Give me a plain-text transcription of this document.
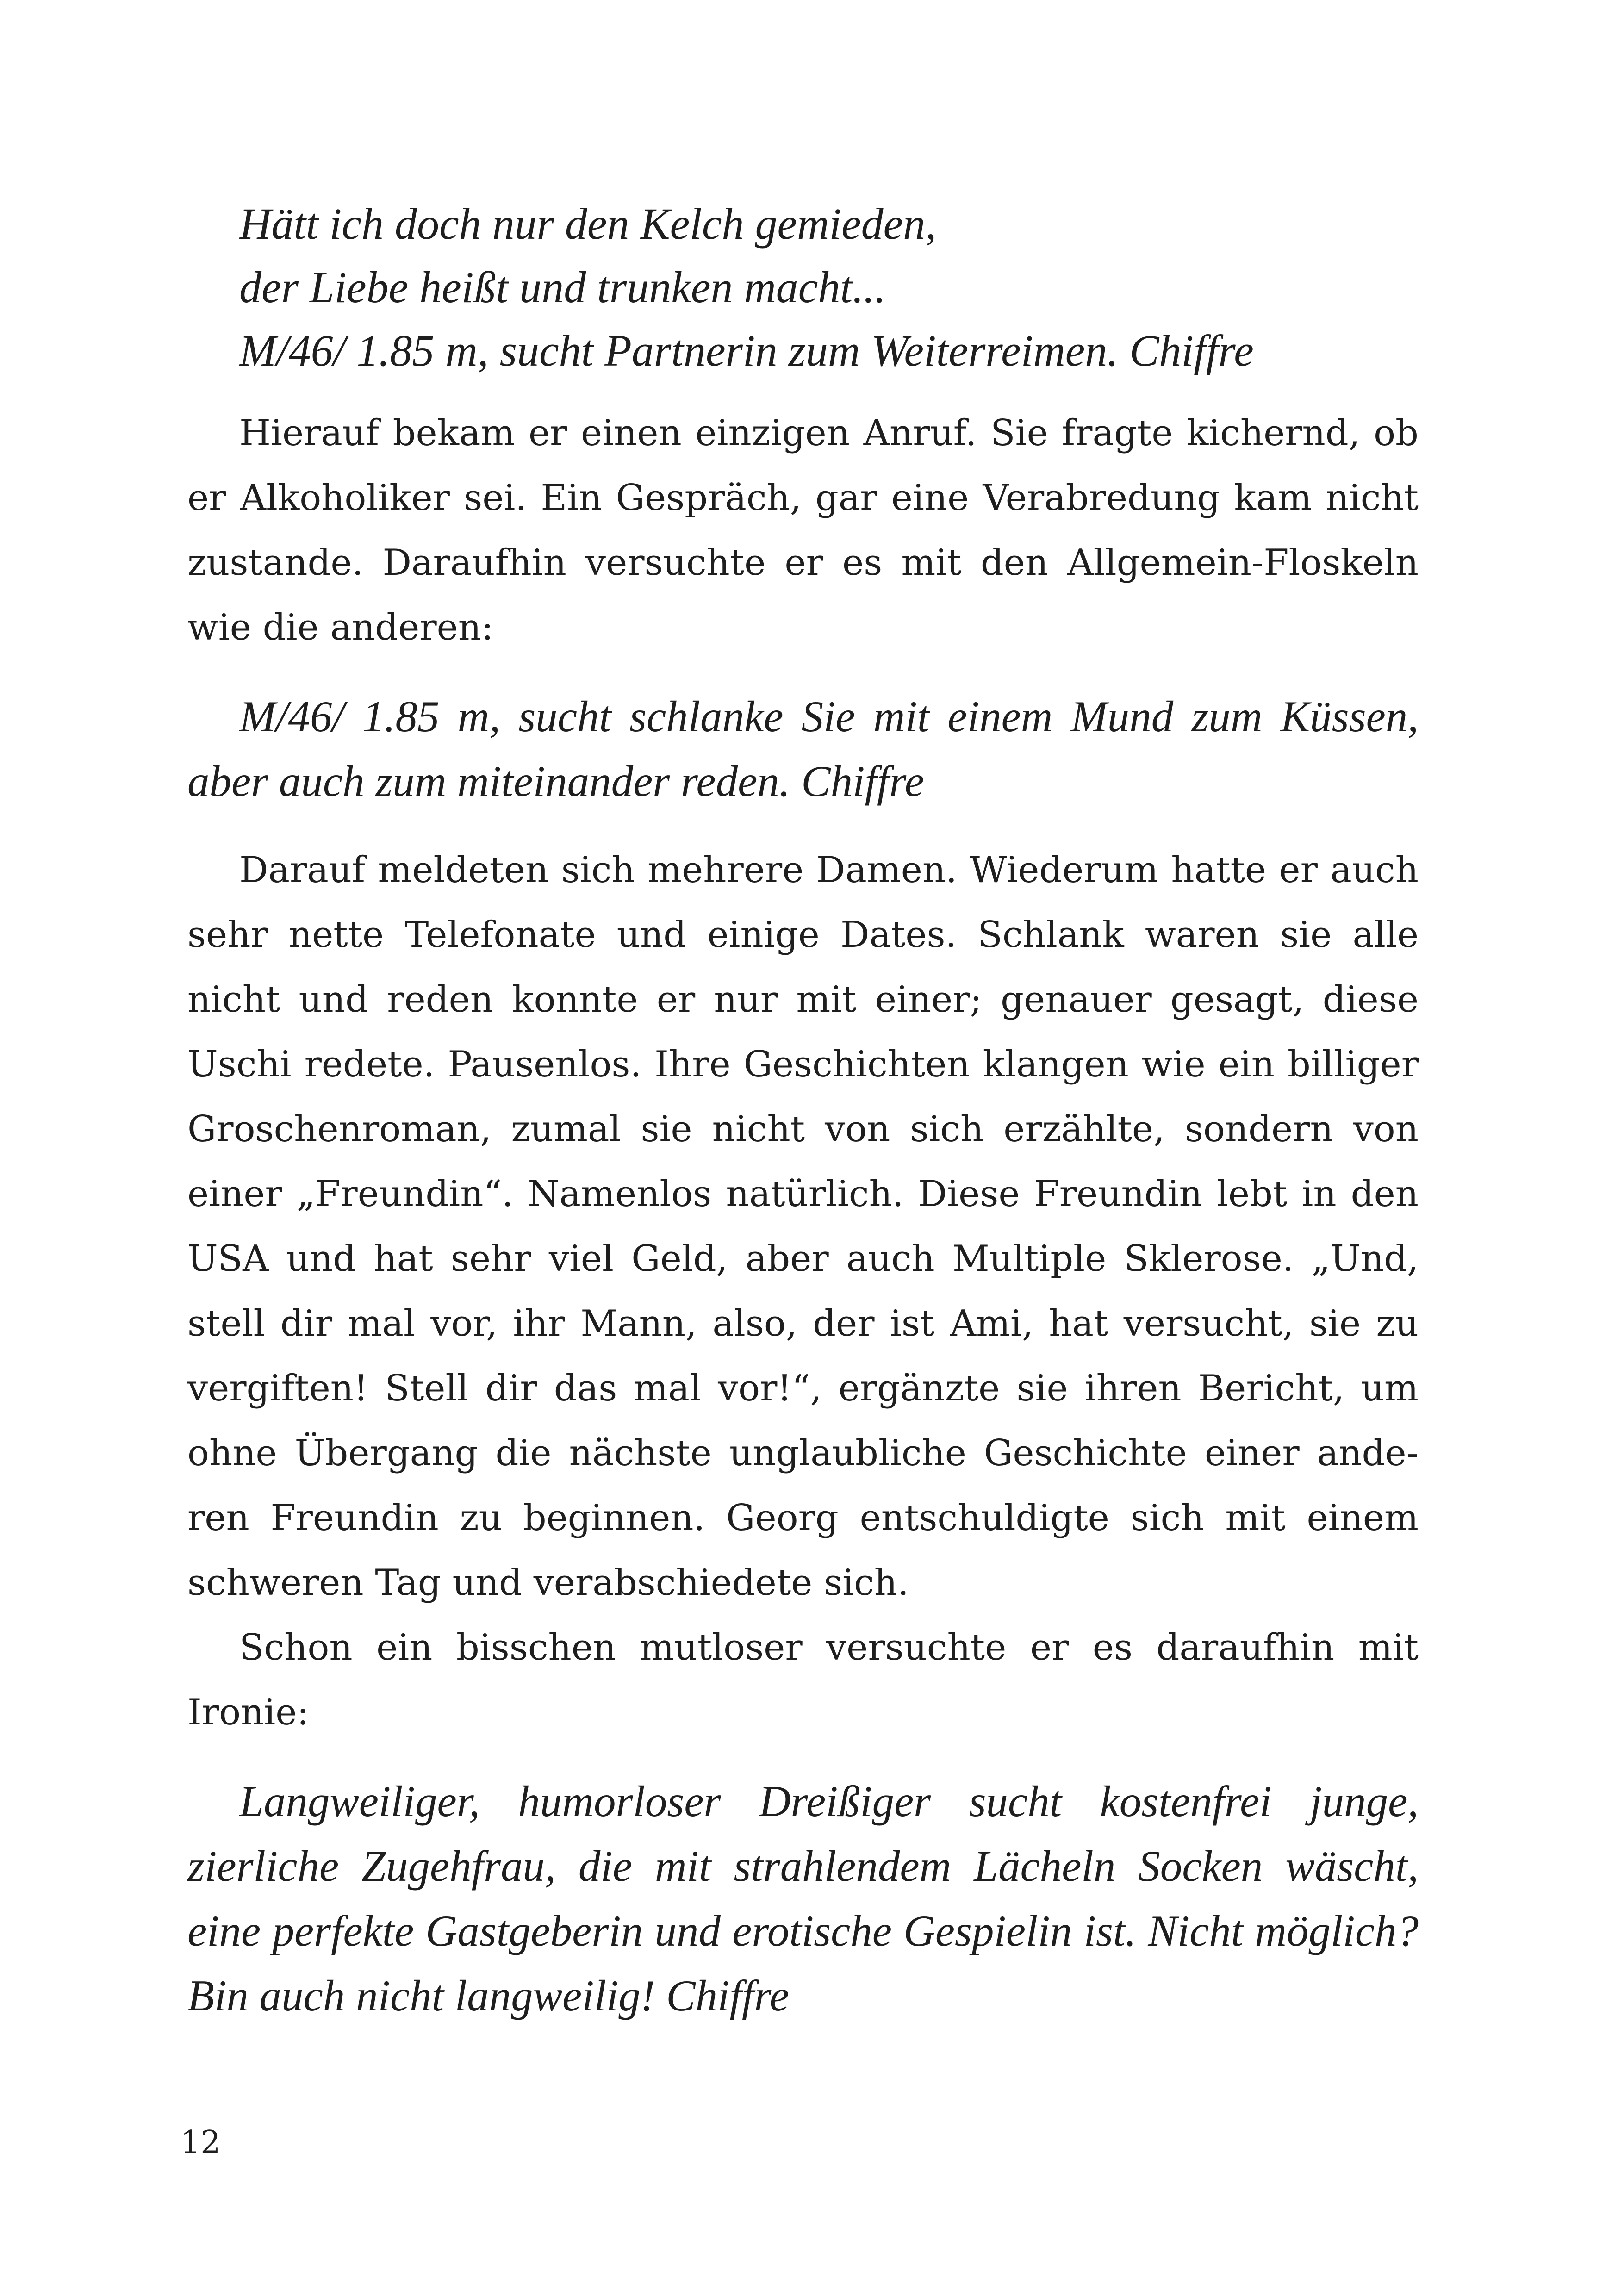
Hätt ich doch nur den Kelch gemieden,
der Liebe heißt und trunken macht...
M/46/ 1.85 m, sucht Partnerin zum Weiterreimen. Chiffre

Hierauf bekam er einen einzigen Anruf. Sie fragte kichernd, ob er Alkoholiker sei. Ein Gespräch, gar eine Verabredung kam nicht zustande. Daraufhin versuchte er es mit den Allgemein-Floskeln wie die anderen:

M/46/ 1.85 m, sucht schlanke Sie mit einem Mund zum Küssen, aber auch zum miteinander reden. Chiffre

Darauf meldeten sich mehrere Damen. Wiederum hatte er auch sehr nette Telefonate und einige Dates. Schlank waren sie alle nicht und reden konnte er nur mit einer; genauer gesagt, diese Uschi redete. Pausenlos. Ihre Geschichten klangen wie ein billiger Groschenroman, zumal sie nicht von sich erzählte, sondern von einer „Freundin“. Namenlos natürlich. Diese Freundin lebt in den USA und hat sehr viel Geld, aber auch Multiple Sklerose. „Und, stell dir mal vor, ihr Mann, also, der ist Ami, hat versucht, sie zu vergiften! Stell dir das mal vor!“, ergänzte sie ihren Bericht, um ohne Übergang die nächste unglaubliche Geschichte einer anderen Freundin zu beginnen. Georg entschuldigte sich mit einem schweren Tag und verabschiedete sich.

Schon ein bisschen mutloser versuchte er es daraufhin mit Ironie:

Langweiliger, humorloser Dreißiger sucht kostenfrei junge, zierliche Zugehfrau, die mit strahlendem Lächeln Socken wäscht, eine perfekte Gastgeberin und erotische Gespielin ist. Nicht möglich? Bin auch nicht langweilig! Chiffre

12
